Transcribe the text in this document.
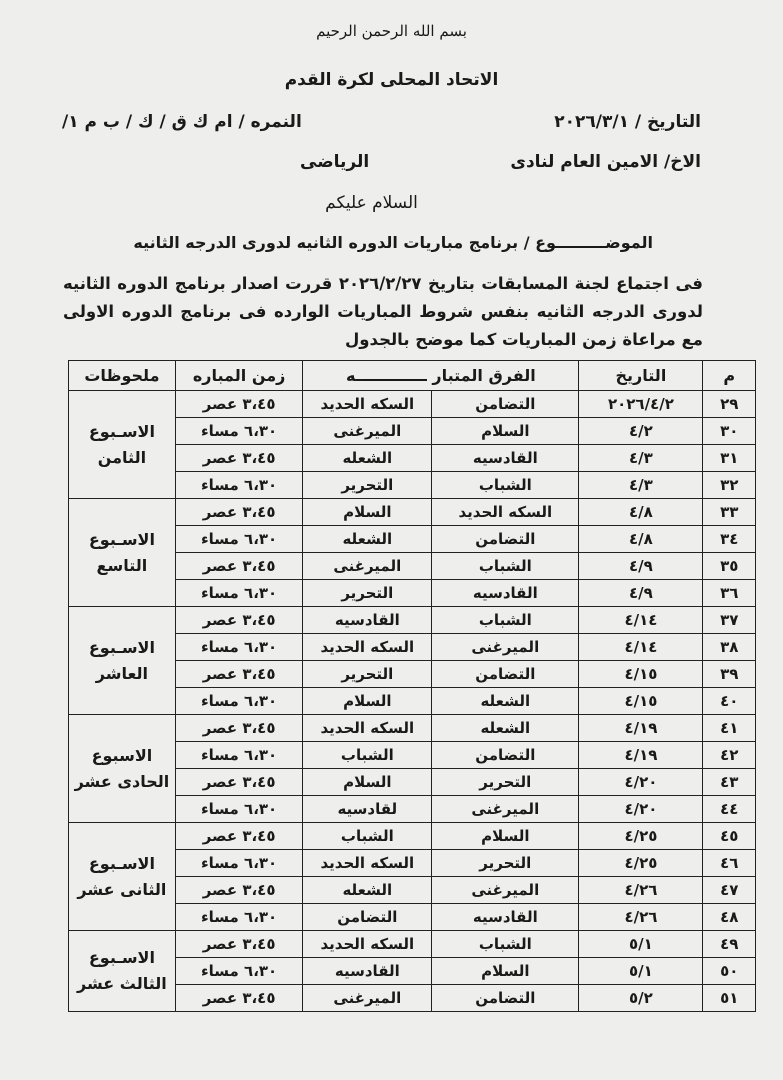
بسم الله الرحمن الرحيم
الاتحاد المحلى لكرة القدم
التاريخ / ٢٠٢٦/٣/١
النمره / ام ك ق / ك / ب م ١/
الاخ/ الامين العام لنادى
الرياضى
السلام عليكم
الموضـــــــــوع / برنامج مباريات الدوره الثانيه لدورى الدرجه الثانيه
فى اجتماع لجنة المسابقات بتاريخ ٢٠٢٦/٢/٢٧ قررت اصدار برنامج الدوره الثانيه لدورى الدرجه الثانيه بنفس شروط المباريات الوارده فى برنامج الدوره الاولى مع مراعاة زمن المباريات كما موضح بالجدول
م	التاريخ	الفرق المتبار ـــــــــــــه		زمن المباره	ملحوظات
٢٩	٢٠٢٦/٤/٢	التضامن	السكه الحديد	٣،٤٥ عصر	الاسـبوع الثامن
٣٠	٤/٢	السلام	الميرغنى	٦،٣٠ مساء	
٣١	٤/٣	القادسيه	الشعله	٣،٤٥ عصر	
٣٢	٤/٣	الشباب	التحرير	٦،٣٠ مساء	
٣٣	٤/٨	السكه الحديد	السلام	٣،٤٥ عصر	الاسـبوع التاسع
٣٤	٤/٨	التضامن	الشعله	٦،٣٠ مساء	
٣٥	٤/٩	الشباب	الميرغنى	٣،٤٥ عصر	
٣٦	٤/٩	القادسيه	التحرير	٦،٣٠ مساء	
٣٧	٤/١٤	الشباب	القادسيه	٣،٤٥ عصر	الاسـبوع العاشر
٣٨	٤/١٤	الميرغنى	السكه الحديد	٦،٣٠ مساء	
٣٩	٤/١٥	التضامن	التحرير	٣،٤٥ عصر	
٤٠	٤/١٥	الشعله	السلام	٦،٣٠ مساء	
٤١	٤/١٩	الشعله	السكه الحديد	٣،٤٥ عصر	الاسبوع الحادى عشر
٤٢	٤/١٩	التضامن	الشباب	٦،٣٠ مساء	
٤٣	٤/٢٠	التحرير	السلام	٣،٤٥ عصر	
٤٤	٤/٢٠	الميرغنى	لقادسيه	٦،٣٠ مساء	
٤٥	٤/٢٥	السلام	الشباب	٣،٤٥ عصر	الاسـبوع الثانى عشر
٤٦	٤/٢٥	التحرير	السكه الحديد	٦،٣٠ مساء	
٤٧	٤/٢٦	الميرغنى	الشعله	٣،٤٥ عصر	
٤٨	٤/٢٦	القادسيه	التضامن	٦،٣٠ مساء	
٤٩	٥/١	الشباب	السكه الحديد	٣،٤٥ عصر	الاسـبوع الثالث عشر
٥٠	٥/١	السلام	القادسيه	٦،٣٠ مساء	
٥١	٥/٢	التضامن	الميرغنى	٣،٤٥ عصر	
